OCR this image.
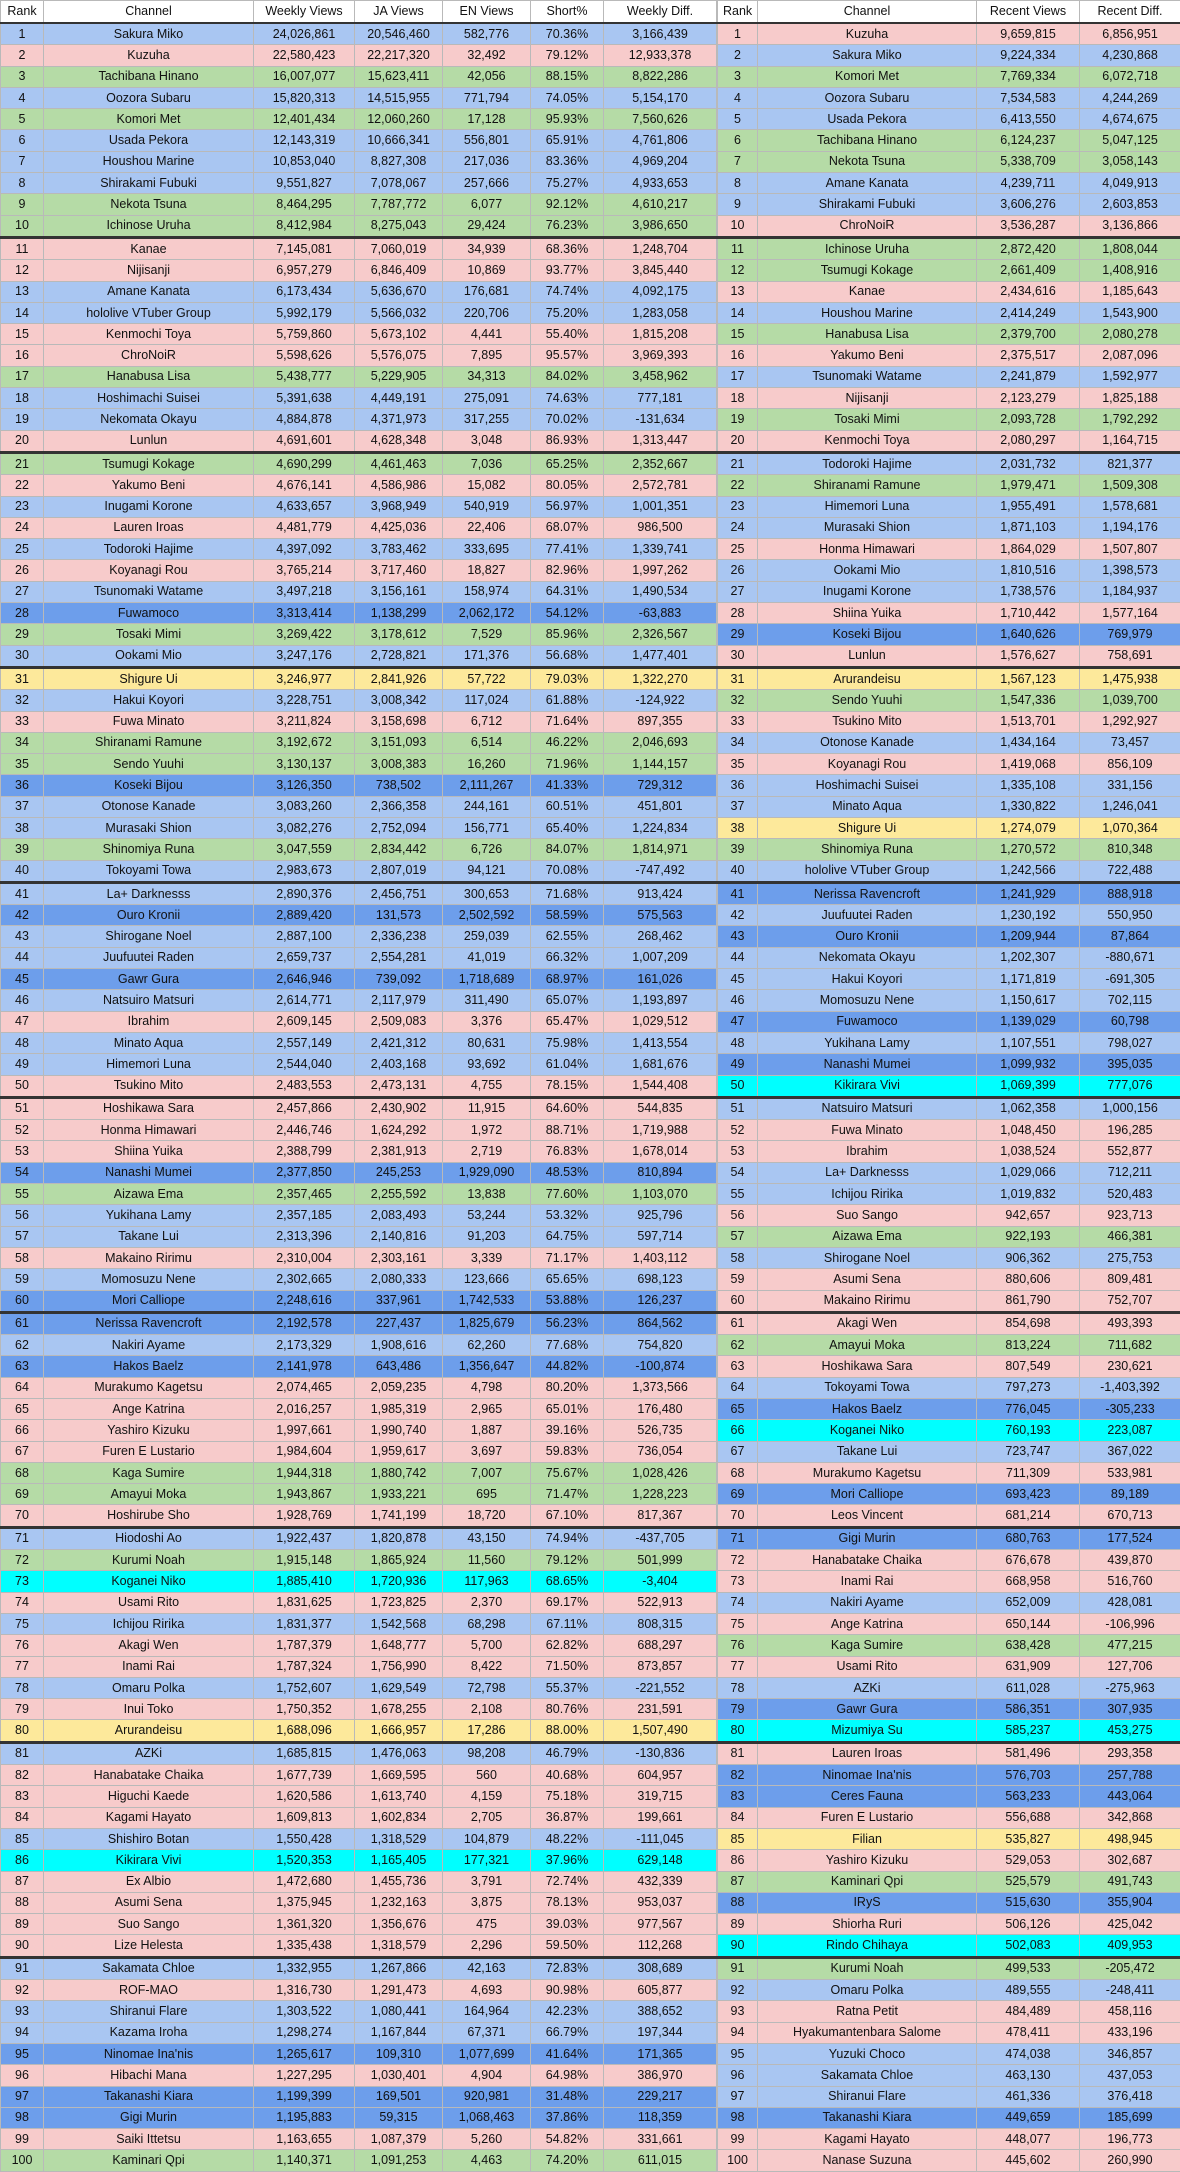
Rank	Channel	Weekly Views	JA Views	EN Views	Short%	Weekly Diff.
1	Sakura Miko	24,026,861	20,546,460	582,776	70.36%	3,166,439
2	Kuzuha	22,580,423	22,217,320	32,492	79.12%	12,933,378
3	Tachibana Hinano	16,007,077	15,623,411	42,056	88.15%	8,822,286
4	Oozora Subaru	15,820,313	14,515,955	771,794	74.05%	5,154,170
5	Komori Met	12,401,434	12,060,260	17,128	95.93%	7,560,626
6	Usada Pekora	12,143,319	10,666,341	556,801	65.91%	4,761,806
7	Houshou Marine	10,853,040	8,827,308	217,036	83.36%	4,969,204
8	Shirakami Fubuki	9,551,827	7,078,067	257,666	75.27%	4,933,653
9	Nekota Tsuna	8,464,295	7,787,772	6,077	92.12%	4,610,217
10	Ichinose Uruha	8,412,984	8,275,043	29,424	76.23%	3,986,650
11	Kanae	7,145,081	7,060,019	34,939	68.36%	1,248,704
12	Nijisanji	6,957,279	6,846,409	10,869	93.77%	3,845,440
13	Amane Kanata	6,173,434	5,636,670	176,681	74.74%	4,092,175
14	hololive VTuber Group	5,992,179	5,566,032	220,706	75.20%	1,283,058
15	Kenmochi Toya	5,759,860	5,673,102	4,441	55.40%	1,815,208
16	ChroNoiR	5,598,626	5,576,075	7,895	95.57%	3,969,393
17	Hanabusa Lisa	5,438,777	5,229,905	34,313	84.02%	3,458,962
18	Hoshimachi Suisei	5,391,638	4,449,191	275,091	74.63%	777,181
19	Nekomata Okayu	4,884,878	4,371,973	317,255	70.02%	-131,634
20	Lunlun	4,691,601	4,628,348	3,048	86.93%	1,313,447
21	Tsumugi Kokage	4,690,299	4,461,463	7,036	65.25%	2,352,667
22	Yakumo Beni	4,676,141	4,586,986	15,082	80.05%	2,572,781
23	Inugami Korone	4,633,657	3,968,949	540,919	56.97%	1,001,351
24	Lauren Iroas	4,481,779	4,425,036	22,406	68.07%	986,500
25	Todoroki Hajime	4,397,092	3,783,462	333,695	77.41%	1,339,741
26	Koyanagi Rou	3,765,214	3,717,460	18,827	82.96%	1,997,262
27	Tsunomaki Watame	3,497,218	3,156,161	158,974	64.31%	1,490,534
28	Fuwamoco	3,313,414	1,138,299	2,062,172	54.12%	-63,883
29	Tosaki Mimi	3,269,422	3,178,612	7,529	85.96%	2,326,567
30	Ookami Mio	3,247,176	2,728,821	171,376	56.68%	1,477,401
31	Shigure Ui	3,246,977	2,841,926	57,722	79.03%	1,322,270
32	Hakui Koyori	3,228,751	3,008,342	117,024	61.88%	-124,922
33	Fuwa Minato	3,211,824	3,158,698	6,712	71.64%	897,355
34	Shiranami Ramune	3,192,672	3,151,093	6,514	46.22%	2,046,693
35	Sendo Yuuhi	3,130,137	3,008,383	16,260	71.96%	1,144,157
36	Koseki Bijou	3,126,350	738,502	2,111,267	41.33%	729,312
37	Otonose Kanade	3,083,260	2,366,358	244,161	60.51%	451,801
38	Murasaki Shion	3,082,276	2,752,094	156,771	65.40%	1,224,834
39	Shinomiya Runa	3,047,559	2,834,442	6,726	84.07%	1,814,971
40	Tokoyami Towa	2,983,673	2,807,019	94,121	70.08%	-747,492
41	La+ Darknesss	2,890,376	2,456,751	300,653	71.68%	913,424
42	Ouro Kronii	2,889,420	131,573	2,502,592	58.59%	575,563
43	Shirogane Noel	2,887,100	2,336,238	259,039	62.55%	268,462
44	Juufuutei Raden	2,659,737	2,554,281	41,019	66.32%	1,007,209
45	Gawr Gura	2,646,946	739,092	1,718,689	68.97%	161,026
46	Natsuiro Matsuri	2,614,771	2,117,979	311,490	65.07%	1,193,897
47	Ibrahim	2,609,145	2,509,083	3,376	65.47%	1,029,512
48	Minato Aqua	2,557,149	2,421,312	80,631	75.98%	1,413,554
49	Himemori Luna	2,544,040	2,403,168	93,692	61.04%	1,681,676
50	Tsukino Mito	2,483,553	2,473,131	4,755	78.15%	1,544,408
51	Hoshikawa Sara	2,457,866	2,430,902	11,915	64.60%	544,835
52	Honma Himawari	2,446,746	1,624,292	1,972	88.71%	1,719,988
53	Shiina Yuika	2,388,799	2,381,913	2,719	76.83%	1,678,014
54	Nanashi Mumei	2,377,850	245,253	1,929,090	48.53%	810,894
55	Aizawa Ema	2,357,465	2,255,592	13,838	77.60%	1,103,070
56	Yukihana Lamy	2,357,185	2,083,493	53,244	53.32%	925,796
57	Takane Lui	2,313,396	2,140,816	91,203	64.75%	597,714
58	Makaino Ririmu	2,310,004	2,303,161	3,339	71.17%	1,403,112
59	Momosuzu Nene	2,302,665	2,080,333	123,666	65.65%	698,123
60	Mori Calliope	2,248,616	337,961	1,742,533	53.88%	126,237
61	Nerissa Ravencroft	2,192,578	227,437	1,825,679	56.23%	864,562
62	Nakiri Ayame	2,173,329	1,908,616	62,260	77.68%	754,820
63	Hakos Baelz	2,141,978	643,486	1,356,647	44.82%	-100,874
64	Murakumo Kagetsu	2,074,465	2,059,235	4,798	80.20%	1,373,566
65	Ange Katrina	2,016,257	1,985,319	2,965	65.01%	176,480
66	Yashiro Kizuku	1,997,661	1,990,740	1,887	39.16%	526,735
67	Furen E Lustario	1,984,604	1,959,617	3,697	59.83%	736,054
68	Kaga Sumire	1,944,318	1,880,742	7,007	75.67%	1,028,426
69	Amayui Moka	1,943,867	1,933,221	695	71.47%	1,228,223
70	Hoshirube Sho	1,928,769	1,741,199	18,720	67.10%	817,367
71	Hiodoshi Ao	1,922,437	1,820,878	43,150	74.94%	-437,705
72	Kurumi Noah	1,915,148	1,865,924	11,560	79.12%	501,999
73	Koganei Niko	1,885,410	1,720,936	117,963	68.65%	-3,404
74	Usami Rito	1,831,625	1,723,825	2,370	69.17%	522,913
75	Ichijou Ririka	1,831,377	1,542,568	68,298	67.11%	808,315
76	Akagi Wen	1,787,379	1,648,777	5,700	62.82%	688,297
77	Inami Rai	1,787,324	1,756,990	8,422	71.50%	873,857
78	Omaru Polka	1,752,607	1,629,549	72,798	55.37%	-221,552
79	Inui Toko	1,750,352	1,678,255	2,108	80.76%	231,591
80	Arurandeisu	1,688,096	1,666,957	17,286	88.00%	1,507,490
81	AZKi	1,685,815	1,476,063	98,208	46.79%	-130,836
82	Hanabatake Chaika	1,677,739	1,669,595	560	40.68%	604,957
83	Higuchi Kaede	1,620,586	1,613,740	4,159	75.18%	319,715
84	Kagami Hayato	1,609,813	1,602,834	2,705	36.87%	199,661
85	Shishiro Botan	1,550,428	1,318,529	104,879	48.22%	-111,045
86	Kikirara Vivi	1,520,353	1,165,405	177,321	37.96%	629,148
87	Ex Albio	1,472,680	1,455,736	3,791	72.74%	432,339
88	Asumi Sena	1,375,945	1,232,163	3,875	78.13%	953,037
89	Suo Sango	1,361,320	1,356,676	475	39.03%	977,567
90	Lize Helesta	1,335,438	1,318,579	2,296	59.50%	112,268
91	Sakamata Chloe	1,332,955	1,267,866	42,163	72.83%	308,689
92	ROF-MAO	1,316,730	1,291,473	4,693	90.98%	605,877
93	Shiranui Flare	1,303,522	1,080,441	164,964	42.23%	388,652
94	Kazama Iroha	1,298,274	1,167,844	67,371	66.79%	197,344
95	Ninomae Ina'nis	1,265,617	109,310	1,077,699	41.64%	171,365
96	Hibachi Mana	1,227,295	1,030,401	4,904	64.98%	386,970
97	Takanashi Kiara	1,199,399	169,501	920,981	31.48%	229,217
98	Gigi Murin	1,195,883	59,315	1,068,463	37.86%	118,359
99	Saiki Ittetsu	1,163,655	1,087,379	5,260	54.82%	331,661
100	Kaminari Qpi	1,140,371	1,091,253	4,463	74.20%	611,015
Rank	Channel	Recent Views	Recent Diff.
1	Kuzuha	9,659,815	6,856,951
2	Sakura Miko	9,224,334	4,230,868
3	Komori Met	7,769,334	6,072,718
4	Oozora Subaru	7,534,583	4,244,269
5	Usada Pekora	6,413,550	4,674,675
6	Tachibana Hinano	6,124,237	5,047,125
7	Nekota Tsuna	5,338,709	3,058,143
8	Amane Kanata	4,239,711	4,049,913
9	Shirakami Fubuki	3,606,276	2,603,853
10	ChroNoiR	3,536,287	3,136,866
11	Ichinose Uruha	2,872,420	1,808,044
12	Tsumugi Kokage	2,661,409	1,408,916
13	Kanae	2,434,616	1,185,643
14	Houshou Marine	2,414,249	1,543,900
15	Hanabusa Lisa	2,379,700	2,080,278
16	Yakumo Beni	2,375,517	2,087,096
17	Tsunomaki Watame	2,241,879	1,592,977
18	Nijisanji	2,123,279	1,825,188
19	Tosaki Mimi	2,093,728	1,792,292
20	Kenmochi Toya	2,080,297	1,164,715
21	Todoroki Hajime	2,031,732	821,377
22	Shiranami Ramune	1,979,471	1,509,308
23	Himemori Luna	1,955,491	1,578,681
24	Murasaki Shion	1,871,103	1,194,176
25	Honma Himawari	1,864,029	1,507,807
26	Ookami Mio	1,810,516	1,398,573
27	Inugami Korone	1,738,576	1,184,937
28	Shiina Yuika	1,710,442	1,577,164
29	Koseki Bijou	1,640,626	769,979
30	Lunlun	1,576,627	758,691
31	Arurandeisu	1,567,123	1,475,938
32	Sendo Yuuhi	1,547,336	1,039,700
33	Tsukino Mito	1,513,701	1,292,927
34	Otonose Kanade	1,434,164	73,457
35	Koyanagi Rou	1,419,068	856,109
36	Hoshimachi Suisei	1,335,108	331,156
37	Minato Aqua	1,330,822	1,246,041
38	Shigure Ui	1,274,079	1,070,364
39	Shinomiya Runa	1,270,572	810,348
40	hololive VTuber Group	1,242,566	722,488
41	Nerissa Ravencroft	1,241,929	888,918
42	Juufuutei Raden	1,230,192	550,950
43	Ouro Kronii	1,209,944	87,864
44	Nekomata Okayu	1,202,307	-880,671
45	Hakui Koyori	1,171,819	-691,305
46	Momosuzu Nene	1,150,617	702,115
47	Fuwamoco	1,139,029	60,798
48	Yukihana Lamy	1,107,551	798,027
49	Nanashi Mumei	1,099,932	395,035
50	Kikirara Vivi	1,069,399	777,076
51	Natsuiro Matsuri	1,062,358	1,000,156
52	Fuwa Minato	1,048,450	196,285
53	Ibrahim	1,038,524	552,877
54	La+ Darknesss	1,029,066	712,211
55	Ichijou Ririka	1,019,832	520,483
56	Suo Sango	942,657	923,713
57	Aizawa Ema	922,193	466,381
58	Shirogane Noel	906,362	275,753
59	Asumi Sena	880,606	809,481
60	Makaino Ririmu	861,790	752,707
61	Akagi Wen	854,698	493,393
62	Amayui Moka	813,224	711,682
63	Hoshikawa Sara	807,549	230,621
64	Tokoyami Towa	797,273	-1,403,392
65	Hakos Baelz	776,045	-305,233
66	Koganei Niko	760,193	223,087
67	Takane Lui	723,747	367,022
68	Murakumo Kagetsu	711,309	533,981
69	Mori Calliope	693,423	89,189
70	Leos Vincent	681,214	670,713
71	Gigi Murin	680,763	177,524
72	Hanabatake Chaika	676,678	439,870
73	Inami Rai	668,958	516,760
74	Nakiri Ayame	652,009	428,081
75	Ange Katrina	650,144	-106,996
76	Kaga Sumire	638,428	477,215
77	Usami Rito	631,909	127,706
78	AZKi	611,028	-275,963
79	Gawr Gura	586,351	307,935
80	Mizumiya Su	585,237	453,275
81	Lauren Iroas	581,496	293,358
82	Ninomae Ina'nis	576,703	257,788
83	Ceres Fauna	563,233	443,064
84	Furen E Lustario	556,688	342,868
85	Filian	535,827	498,945
86	Yashiro Kizuku	529,053	302,687
87	Kaminari Qpi	525,579	491,743
88	IRyS	515,630	355,904
89	Shiorha Ruri	506,126	425,042
90	Rindo Chihaya	502,083	409,953
91	Kurumi Noah	499,533	-205,472
92	Omaru Polka	489,555	-248,411
93	Ratna Petit	484,489	458,116
94	Hyakumantenbara Salome	478,411	433,196
95	Yuzuki Choco	474,038	346,857
96	Sakamata Chloe	463,130	437,053
97	Shiranui Flare	461,336	376,418
98	Takanashi Kiara	449,659	185,699
99	Kagami Hayato	448,077	196,773
100	Nanase Suzuna	445,602	260,990
